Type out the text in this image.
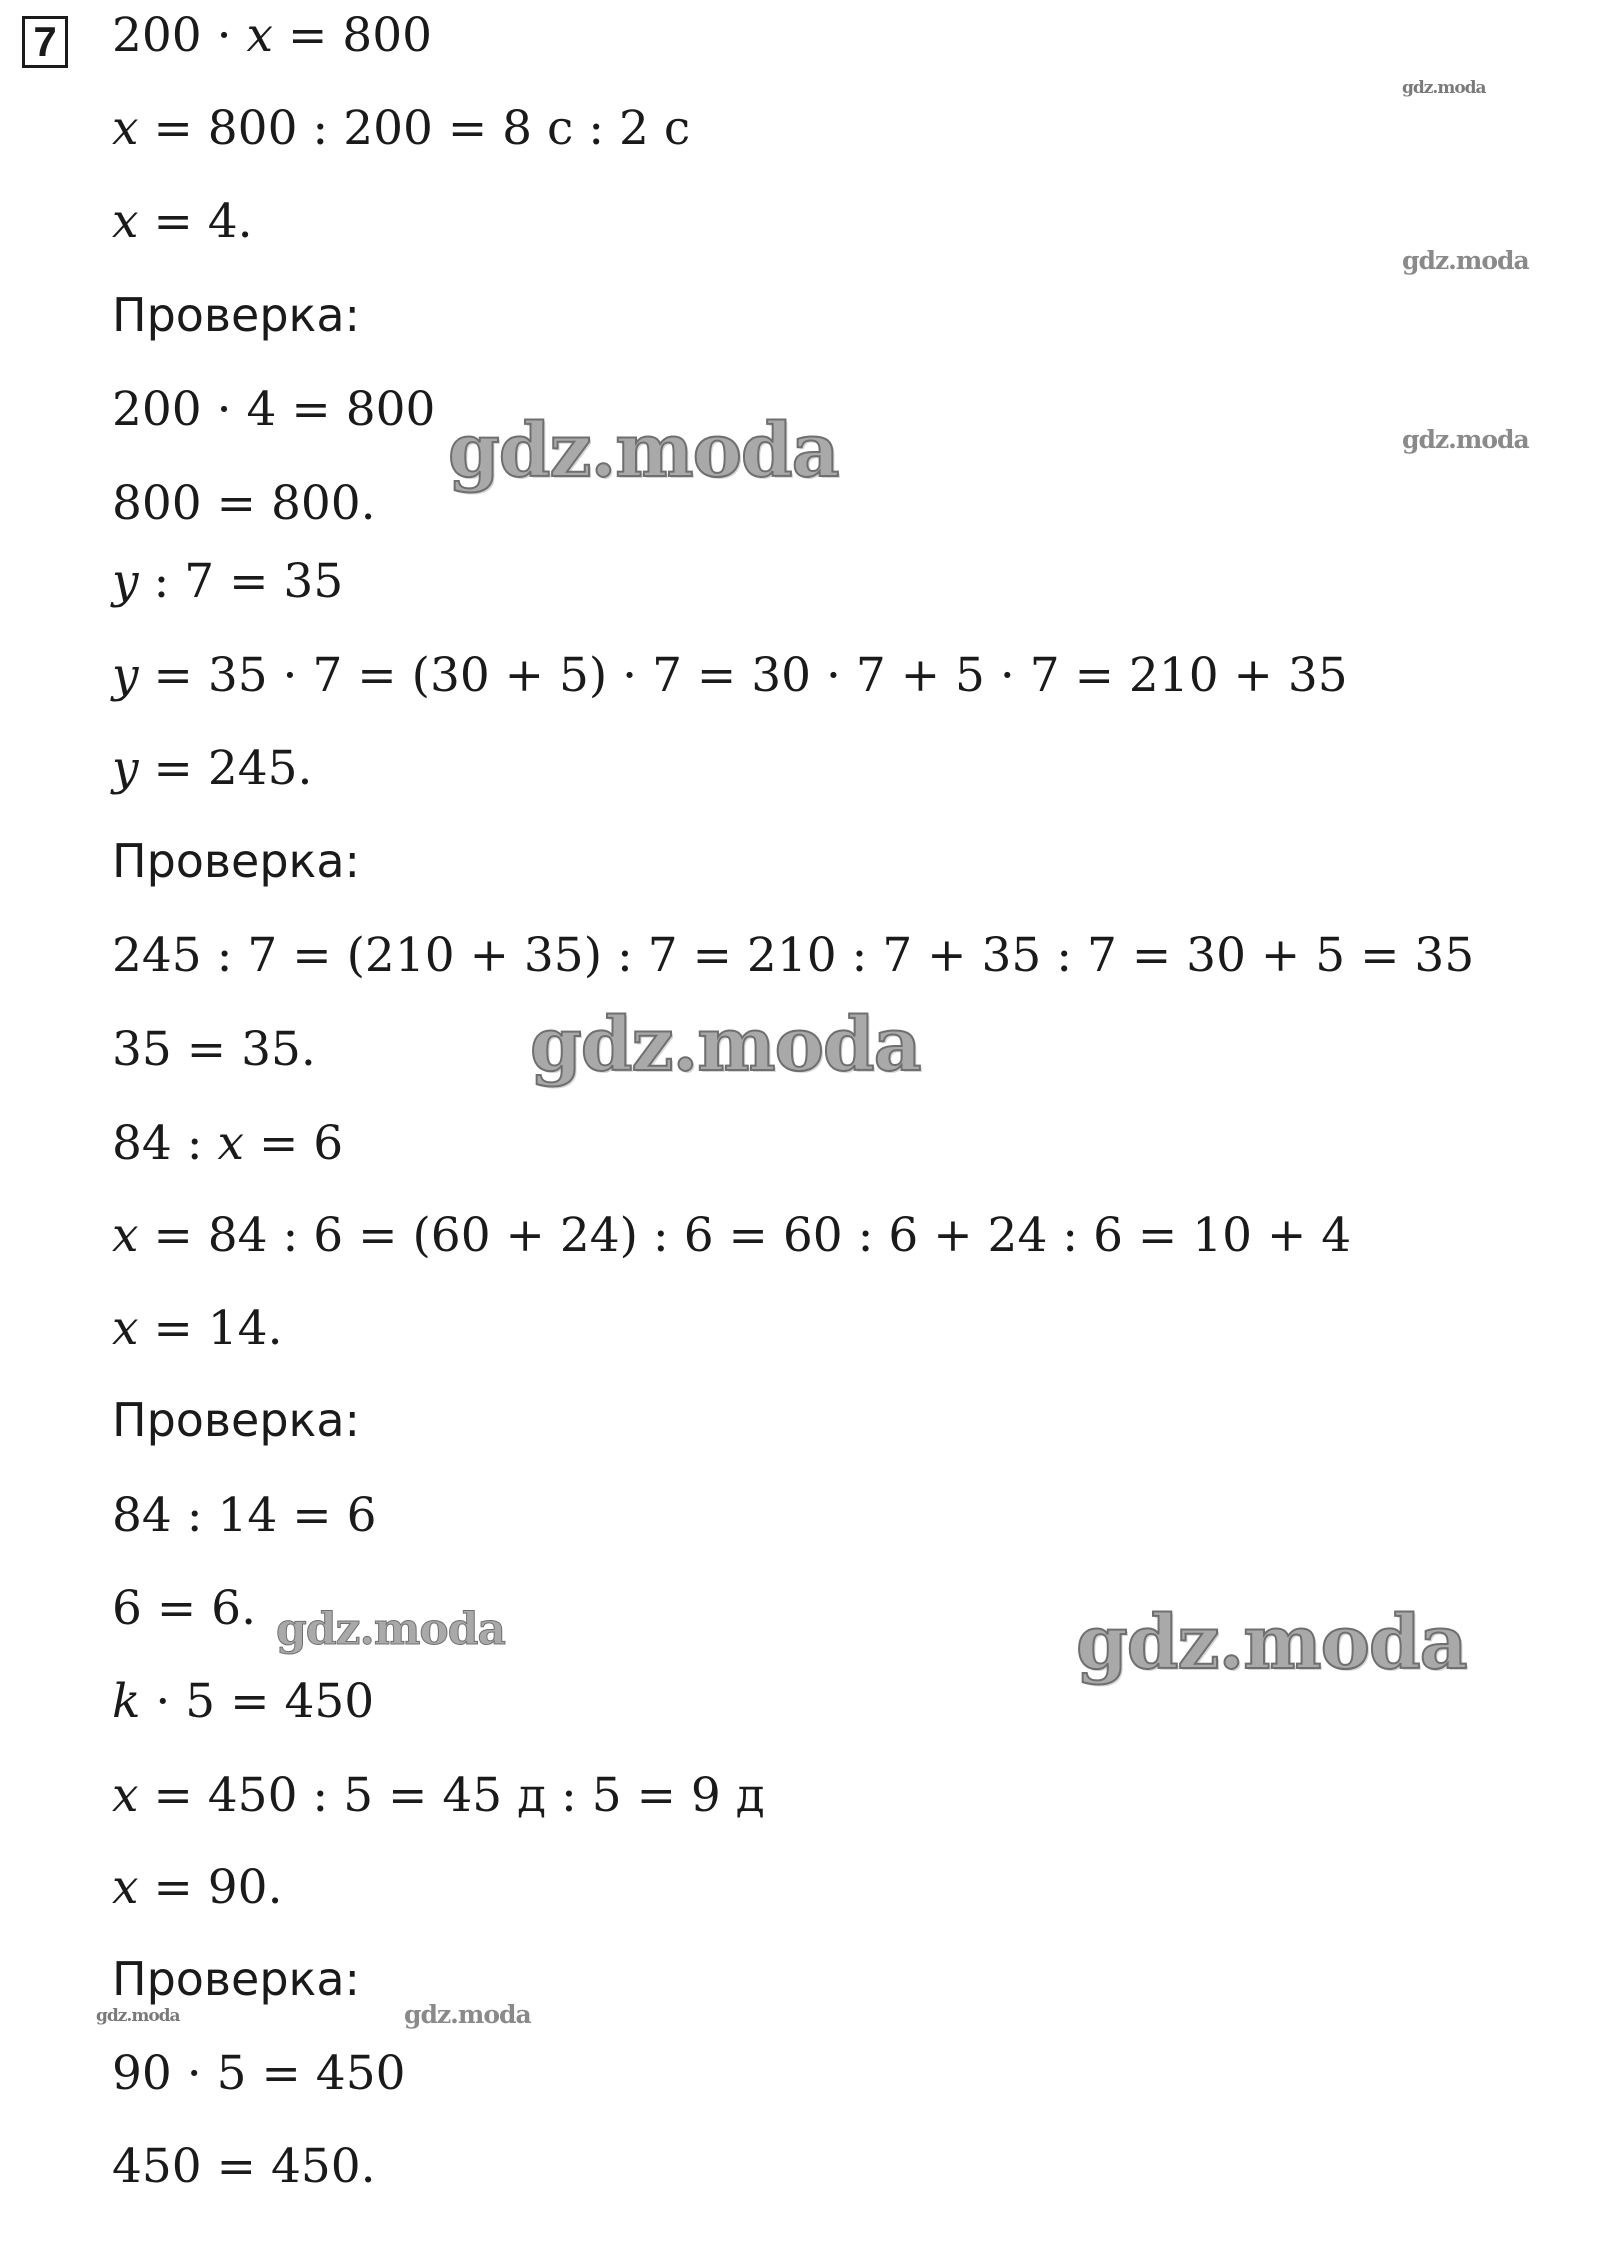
7 200 · 𝑥 = 800
𝑥 = 800 : 200 = 8 с : 2 с
𝑥 = 4.
Проверка:
200 · 4 = 800
800 = 800.
𝑦 : 7 = 35
𝑦 = 35 · 7 = (30 + 5) · 7 = 30 · 7 + 5 · 7 = 210 + 35
𝑦 = 245.
Проверка:
245 : 7 = (210 + 35) : 7 = 210 : 7 + 35 : 7 = 30 + 5 = 35
35 = 35.
84 : 𝑥 = 6
𝑥 = 84 : 6 = (60 + 24) : 6 = 60 : 6 + 24 : 6 = 10 + 4
𝑥 = 14.
Проверка:
84 : 14 = 6
6 = 6.
𝑘 · 5 = 450
𝑥 = 450 : 5 = 45 д : 5 = 9 д
𝑥 = 90.
Проверка:
90 · 5 = 450
450 = 450.
gdz.moda
gdz.moda
gdz.moda
gdz.moda
gdz.moda
gdz.moda	gdz.moda
gdz.moda	gdz.moda
